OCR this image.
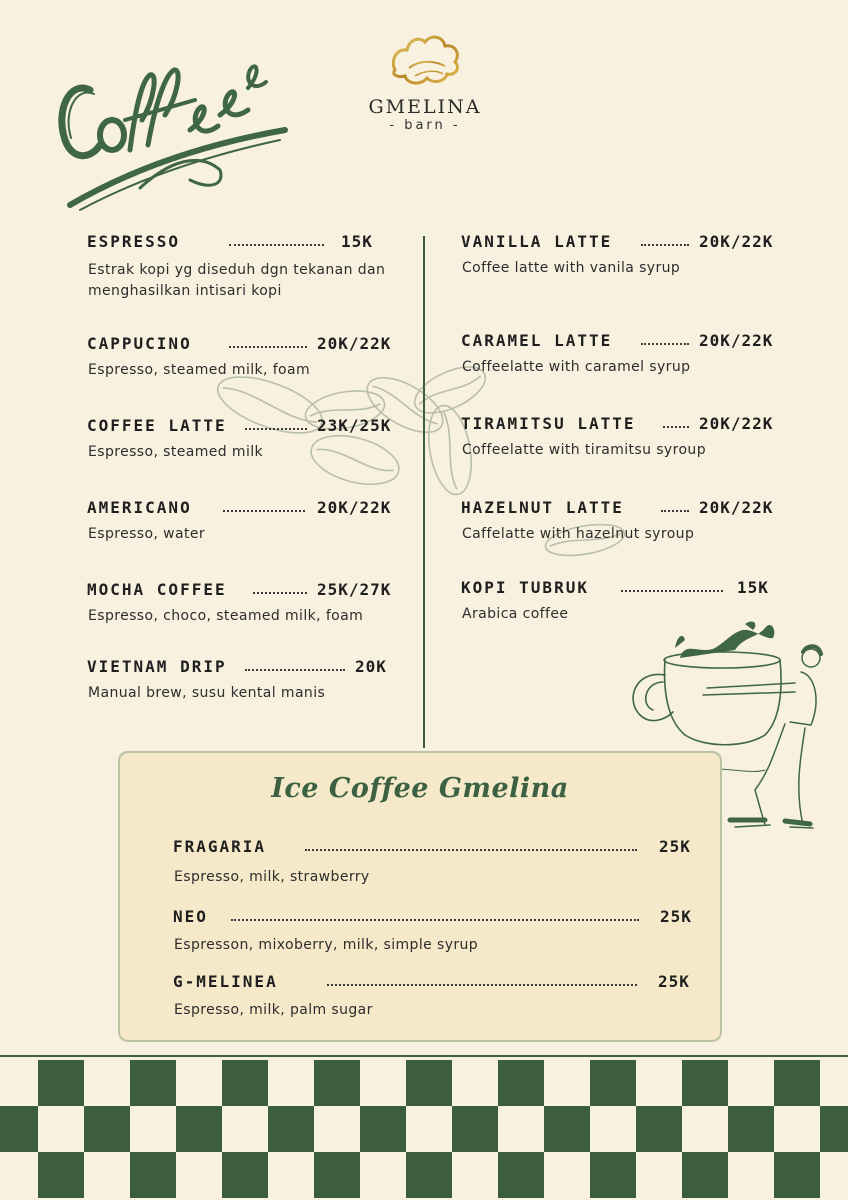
Coffee
GMELINA
- barn -
ESPRESSO	15K
Estrak kopi yg diseduh dgn tekanan dan menghasilkan intisari kopi
CAPPUCINO	20K/22K
Espresso, steamed milk, foam
COFFEE LATTE	23K/25K
Espresso, steamed milk
AMERICANO	20K/22K
Espresso, water
MOCHA COFFEE	25K/27K
Espresso, choco, steamed milk, foam
VIETNAM DRIP	20K
Manual brew, susu kental manis
VANILLA LATTE	20K/22K
Coffee latte with vanila syrup
CARAMEL LATTE	20K/22K
Coffeelatte with caramel syrup
TIRAMITSU LATTE	20K/22K
Coffeelatte with tiramitsu syroup
HAZELNUT LATTE	20K/22K
Caffelatte with hazelnut syroup
KOPI TUBRUK	15K
Arabica coffee
Ice Coffee Gmelina
FRAGARIA	25K
Espresso, milk, strawberry
NEO	25K
Espresson, mixoberry, milk, simple syrup
G-MELINEA	25K
Espresso, milk, palm sugar
